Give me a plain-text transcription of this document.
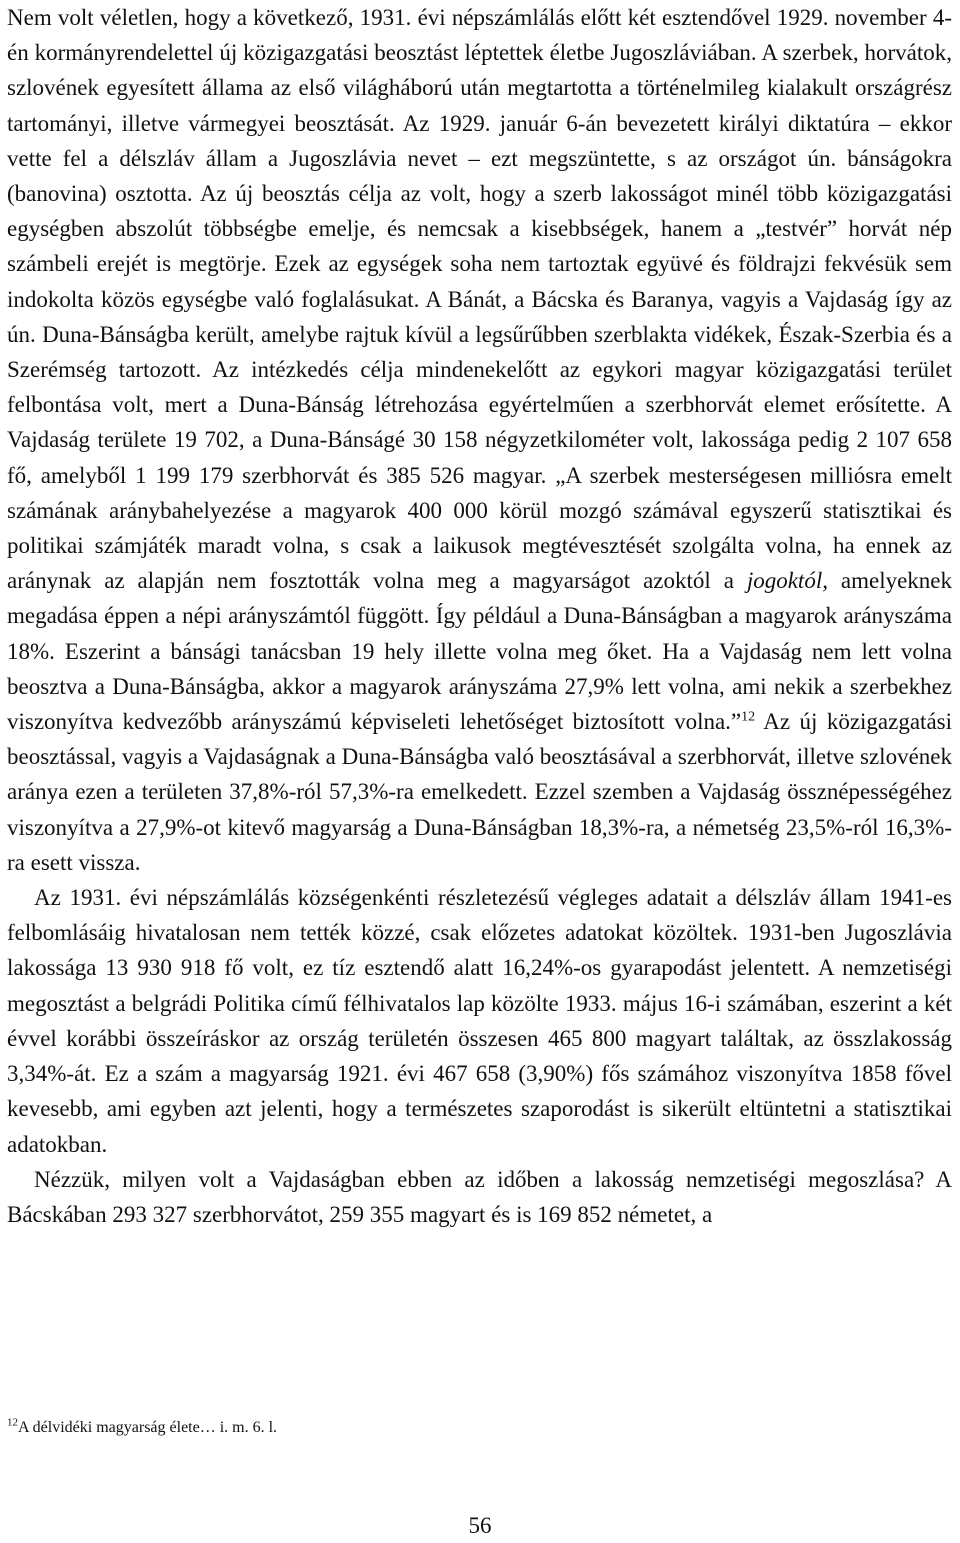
Nem volt véletlen, hogy a következő, 1931. évi népszámlálás előtt két esztendővel 1929. november 4-én kormányrendelettel új közigazgatási beosztást léptettek életbe Jugoszláviában. A szerbek, horvátok, szlovének egyesített állama az első világháború után megtartotta a történelmileg kialakult országrész tartományi, illetve vármegyei beosztását. Az 1929. január 6-án bevezetett királyi diktatúra – ekkor vette fel a délszláv állam a Jugoszlávia nevet – ezt megszüntette, s az országot ún. bánságokra (banovina) osztotta. Az új beosztás célja az volt, hogy a szerb lakosságot minél több közigazgatási egységben abszolút többségbe emelje, és nemcsak a kisebbségek, hanem a „testvér” horvát nép számbeli erejét is megtörje. Ezek az egységek soha nem tartoztak együvé és földrajzi fekvésük sem indokolta közös egységbe való foglalásukat. A Bánát, a Bácska és Baranya, vagyis a Vajdaság így az ún. Duna-Bánságba került, amelybe rajtuk kívül a legsűrűbben szerblakta vidékek, Észak-Szerbia és a Szerémség tartozott. Az intézkedés célja mindenekelőtt az egykori magyar közigazgatási terület felbontása volt, mert a Duna-Bánság létrehozása egyértelműen a szerbhorvát elemet erősítette. A Vajdaság területe 19 702, a Duna-Bánságé 30 158 négyzetkilométer volt, lakossága pedig 2 107 658 fő, amelyből 1 199 179 szerbhorvát és 385 526 magyar. „A szerbek mesterségesen milliósra emelt számának aránybahelyezése a magyarok 400 000 körül mozgó számával egyszerű statisztikai és politikai számjáték maradt volna, s csak a laikusok megtévesztését szolgálta volna, ha ennek az aránynak az alapján nem fosztották volna meg a magyarságot azoktól a jogoktól, amelyeknek megadása éppen a népi arányszámtól függött. Így például a Duna-Bánságban a magyarok arányszáma 18%. Eszerint a bánsági tanácsban 19 hely illette volna meg őket. Ha a Vajdaság nem lett volna beosztva a Duna-Bánságba, akkor a magyarok arányszáma 27,9% lett volna, ami nekik a szerbekhez viszonyítva kedvezőbb arányszámú képviseleti lehetőséget biztosított volna.”$^{12}$ Az új közigazgatási beosztással, vagyis a Vajdaságnak a Duna-Bánságba való beosztásával a szerbhorvát, illetve szlovének aránya ezen a területen 37,8%-ról 57,3%-ra emelkedett. Ezzel szemben a Vajdaság össznépességéhez viszonyítva a 27,9%-ot kitevő magyarság a Duna-Bánságban 18,3%-ra, a németség 23,5%-ról 16,3%-ra esett vissza.

Az 1931. évi népszámlálás községenkénti részletezésű végleges adatait a délszláv állam 1941-es felbomlásáig hivatalosan nem tették közzé, csak előzetes adatokat közöltek. 1931-ben Jugoszlávia lakossága 13 930 918 fő volt, ez tíz esztendő alatt 16,24%-os gyarapodást jelentett. A nemzetiségi megosztást a belgrádi Politika című félhivatalos lap közölte 1933. május 16-i számában, eszerint a két évvel korábbi összeíráskor az ország területén összesen 465 800 magyart találtak, az összlakosság 3,34%-át. Ez a szám a magyarság 1921. évi 467 658 (3,90%) fős számához viszonyítva 1858 fővel kevesebb, ami egyben azt jelenti, hogy a természetes szaporodást is sikerült eltüntetni a statisztikai adatokban.

Nézzük, milyen volt a Vajdaságban ebben az időben a lakosság nemzetiségi megoszlása? A Bácskában 293 327 szerbhorvátot, 259 355 magyart és is 169 852 németet, a

$^{12}$A délvidéki magyarság élete… i. m. 6. l.
56
